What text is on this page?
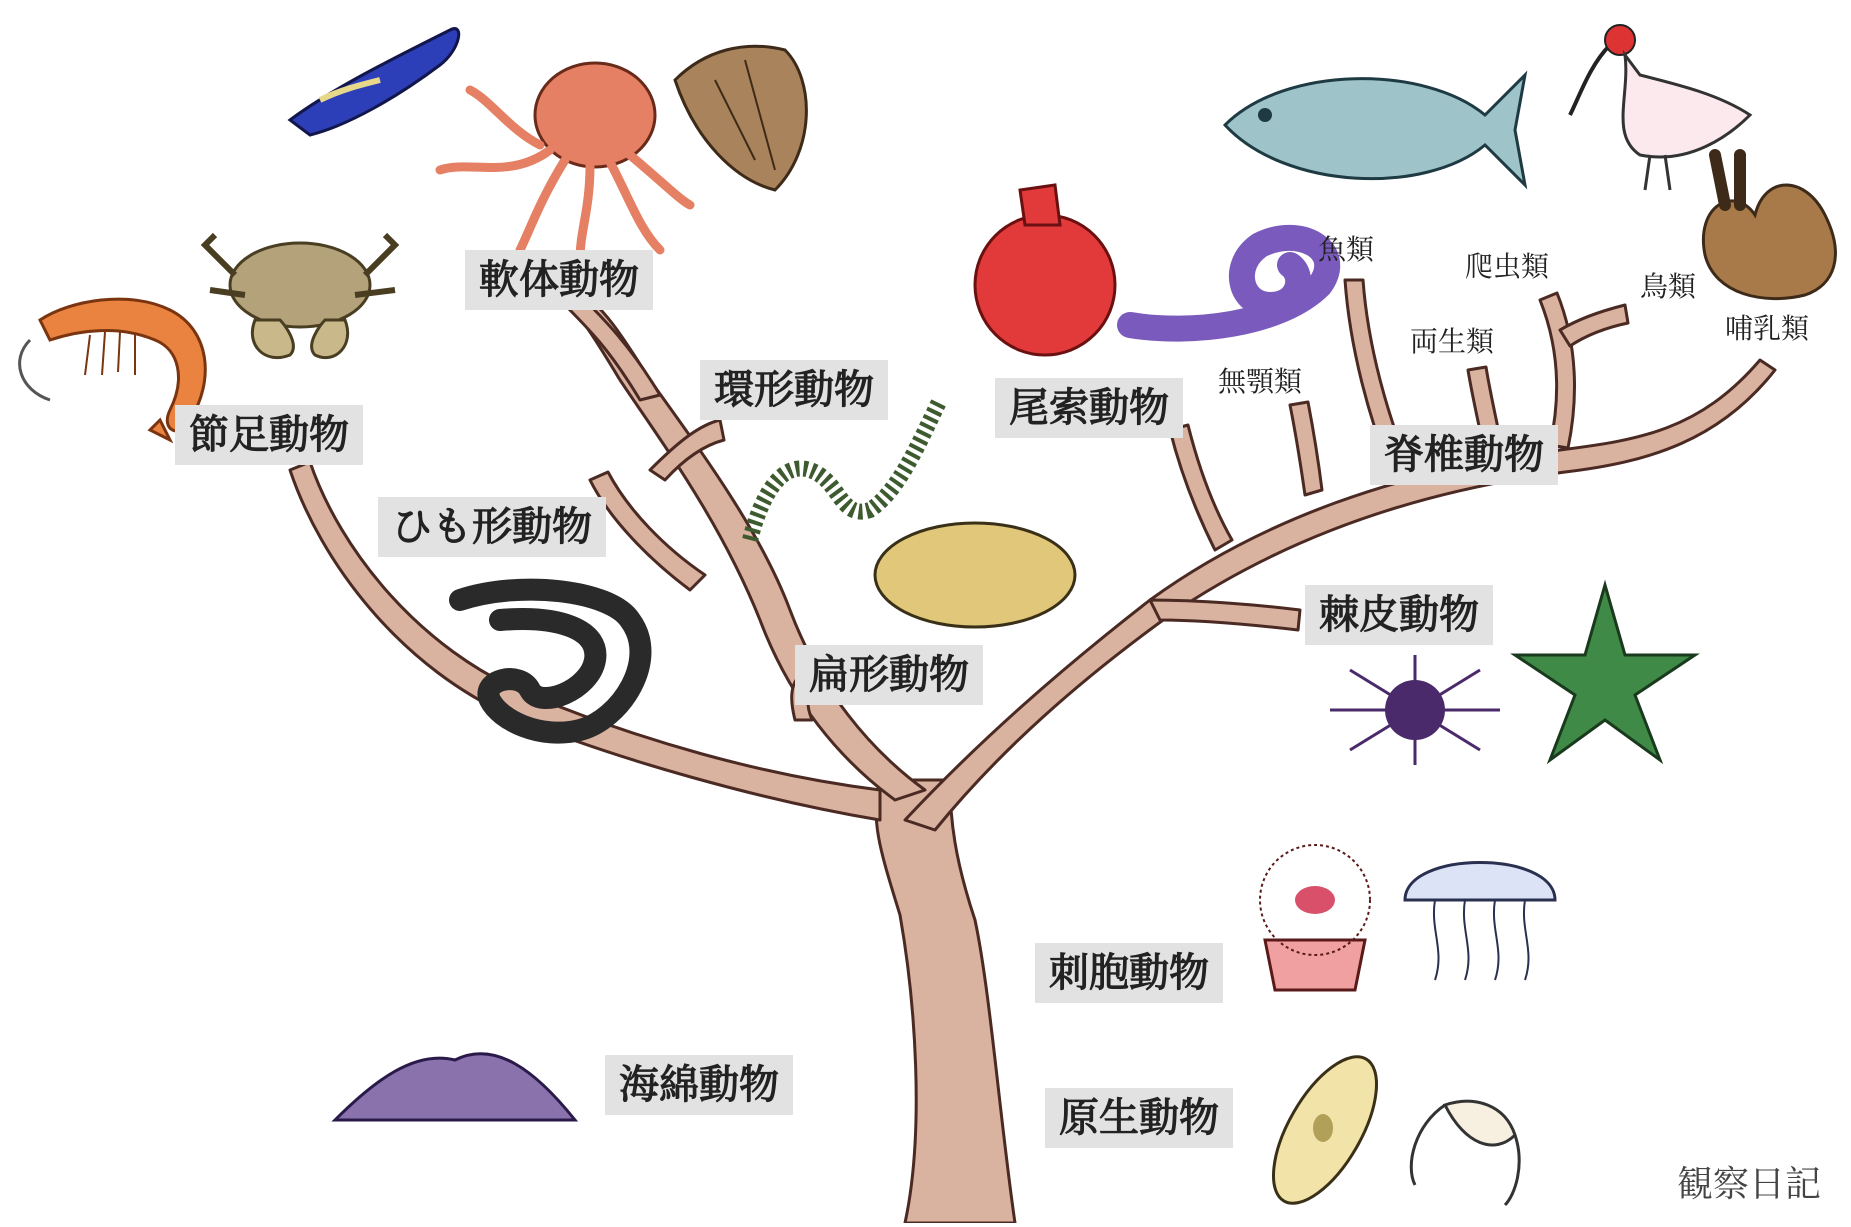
節足動物
軟体動物
環形動物
ひも形動物
扁形動物
尾索動物
脊椎動物
棘皮動物
刺胞動物
海綿動物
原生動物
無顎類
魚類
両生類
爬虫類
鳥類
哺乳類
観察日記
